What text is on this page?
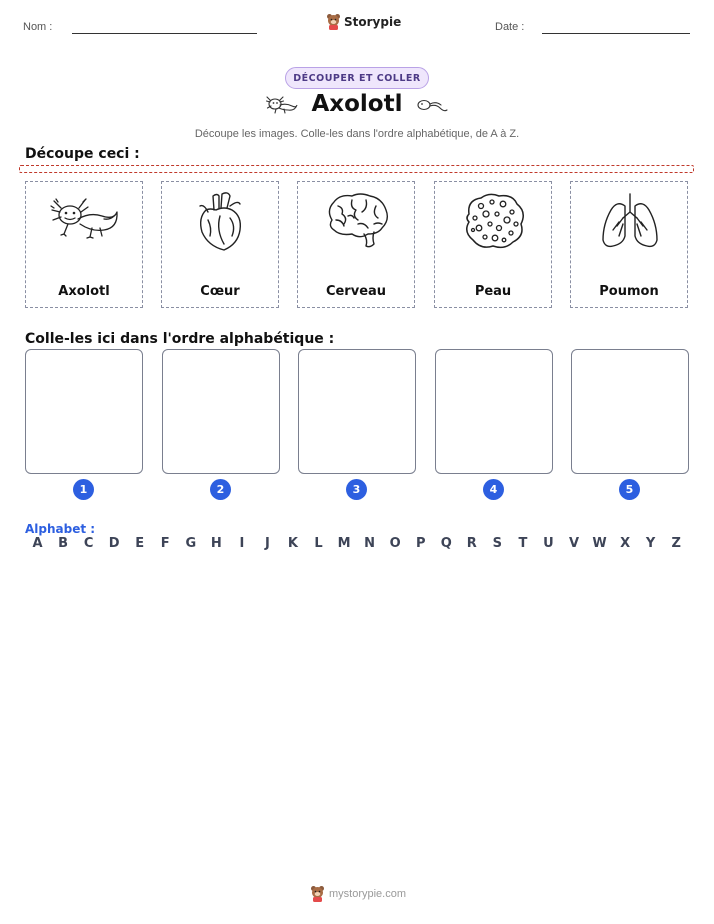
Nom :	Storypie	Date :
DÉCOUPER ET COLLER
Axolotl
Découpe les images. Colle-les dans l'ordre alphabétique, de A à Z.
Découpe ceci :
Axolotl	Cœur	Cerveau	Peau	Poumon
Colle-les ici dans l'ordre alphabétique :
1	2	3	4	5
Alphabet :
A	B	C	D	E	F	G	H	I	J	K	L	M	N	O	P	Q	R	S	T	U	V	W	X	Y	Z
mystorypie.com
